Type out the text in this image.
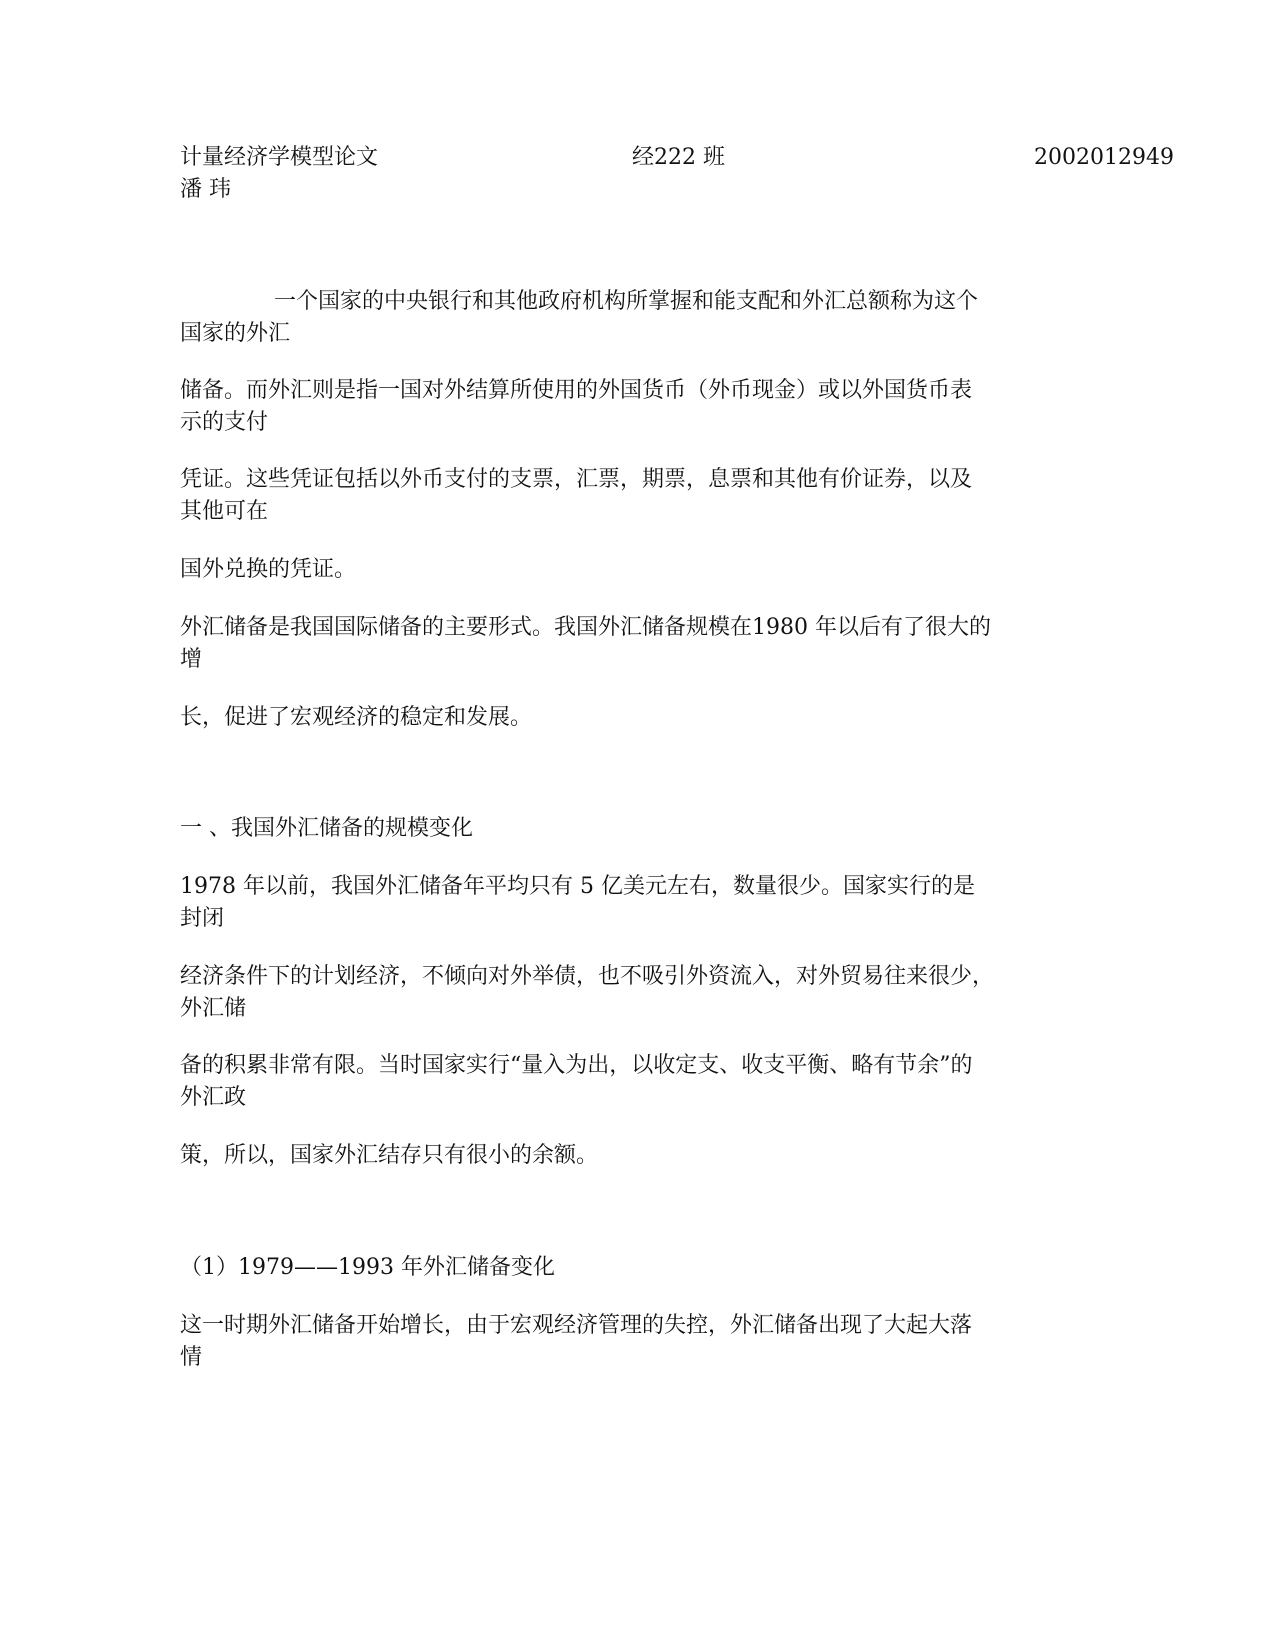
计量经济学模型论文	经222 班	2002012949
潘 玮
一个国家的中央银行和其他政府机构所掌握和能支配和外汇总额称为这个
国家的外汇
储备。而外汇则是指一国对外结算所使用的外国货币（外币现金）或以外国货币表
示的支付
凭证。这些凭证包括以外币支付的支票，汇票，期票，息票和其他有价证券，以及
其他可在
国外兑换的凭证。
外汇储备是我国国际储备的主要形式。我国外汇储备规模在1980 年以后有了很大的
增
长，促进了宏观经济的稳定和发展。
一 、我国外汇储备的规模变化
1978 年以前，我国外汇储备年平均只有 5 亿美元左右，数量很少。国家实行的是
封闭
经济条件下的计划经济，不倾向对外举债，也不吸引外资流入，对外贸易往来很少，
外汇储
备的积累非常有限。当时国家实行“量入为出，以收定支、收支平衡、略有节余”的
外汇政
策，所以，国家外汇结存只有很小的余额。
（1）1979——1993 年外汇储备变化
这一时期外汇储备开始增长，由于宏观经济管理的失控，外汇储备出现了大起大落
情
